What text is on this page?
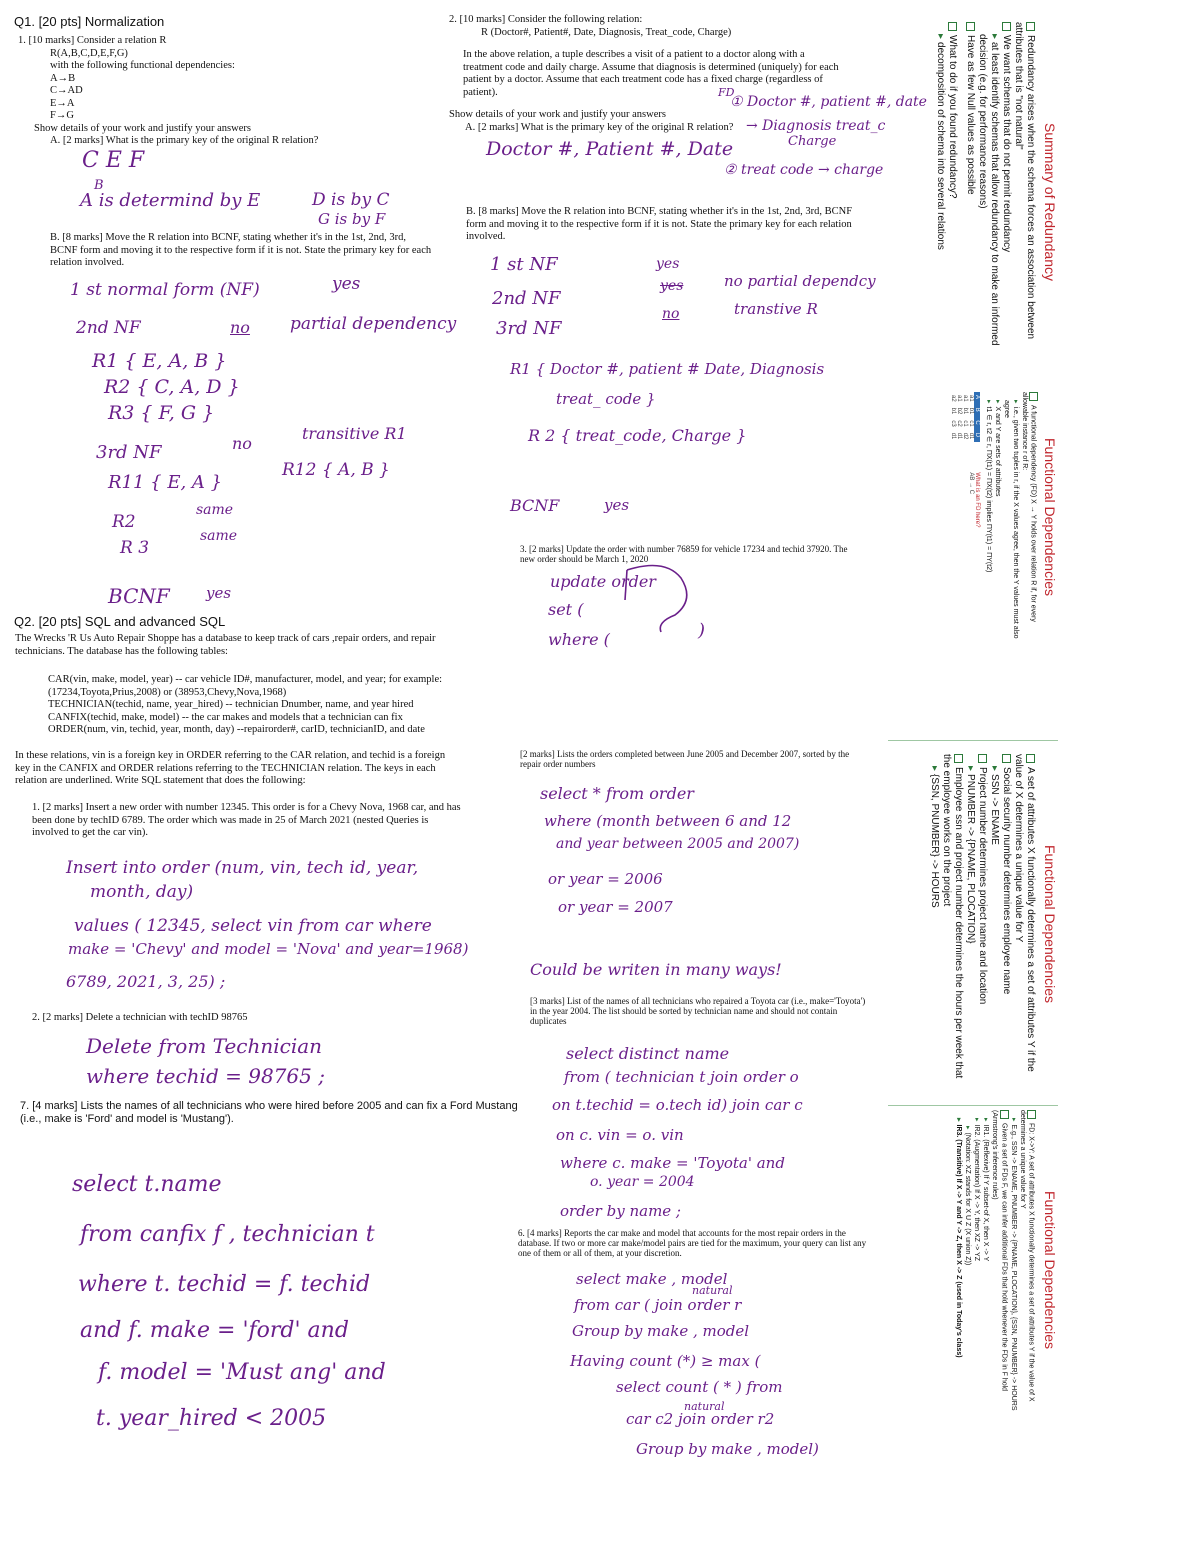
Q1. [20 pts] Normalization
1. [10 marks] Consider a relation R
R(A,B,C,D,E,F,G)
with the following functional dependencies:
A→B
C→AD
E→A
F→G
Show details of your work and justify your answers
A. [2 marks] What is the primary key of the original R relation?
C E F
B
A is determind by E	D is by C
G is by F
B. [8 marks] Move the R relation into BCNF, stating whether it's in the 1st, 2nd, 3rd, BCNF form and moving it to the respective form if it is not. State the primary key for each relation involved.
1 st normal form (NF)	yes
2nd NF	no partial dependency
R1 { E, A, B }
R2 { C, A, D }
R3 { F, G }
3rd NF	no
transitive R1
R11 { E, A }
R12 { A, B }
R2
same
R 3
same
BCNF yes
2. [10 marks] Consider the following relation:
R (Doctor#, Patient#, Date, Diagnosis, Treat_code, Charge)
In the above relation, a tuple describes a visit of a patient to a doctor along with a treatment code and daily charge. Assume that diagnosis is determined (uniquely) for each patient by a doctor. Assume that each treatment code has a fixed charge (regardless of patient).
Show details of your work and justify your answers
A. [2 marks] What is the primary key of the original R relation?
FD
① Doctor #, patient #, date
→ Diagnosis treat_c
Charge
② treat code → charge
Doctor #, Patient #, Date
B. [8 marks] Move the R relation into BCNF, stating whether it's in the 1st, 2nd, 3rd, BCNF form and moving it to the respective form if it is not. State the primary key for each relation involved.
1 st NF	yes
2nd NF
yes	no partial dependcy
3rd NF
no	transtive R
R1 { Doctor #, patient # Date, Diagnosis
treat_ code }
R 2 { treat_code, Charge }
BCNF	yes
Q2. [20 pts] SQL and advanced SQL
The Wrecks 'R Us Auto Repair Shoppe has a database to keep track of cars ,repair orders, and repair technicians. The database has the following tables:
CAR(vin, make, model, year) -- car vehicle ID#, manufacturer, model, and year; for example: (17234,Toyota,Prius,2008) or (38953,Chevy,Nova,1968)
TECHNICIAN(techid, name, year_hired) -- technician Dnumber, name, and year hired
CANFIX(techid, make, model) -- the car makes and models that a technician can fix
ORDER(num, vin, techid, year, month, day) --repairorder#, carID, technicianID, and date
In these relations, vin is a foreign key in ORDER referring to the CAR relation, and techid is a foreign key in the CANFIX and ORDER relations referring to the TECHNICIAN relation. The keys in each relation are underlined. Write SQL statement that does the following:
1. [2 marks] Insert a new order with number 12345. This order is for a Chevy Nova, 1968 car, and has been done by techID 6789. The order which was made in 25 of March 2021 (nested Queries is involved to get the car vin).
Insert into order (num, vin, tech id, year,
month, day)
values ( 12345, select vin from car where
make = 'Chevy' and model = 'Nova' and year=1968)
6789, 2021, 3, 25) ;
2. [2 marks] Delete a technician with techID 98765
Delete from Technician
where techid = 98765 ;
7. [4 marks] Lists the names of all technicians who were hired before 2005 and can fix a Ford Mustang (i.e., make is 'Ford' and model is 'Mustang').
select t.name
from canfix f , technician t
where t. techid = f. techid
and f. make = 'ford' and
f. model = 'Must ang' and
t. year_hired < 2005
3. [2 marks] Update the order with number 76859 for vehicle 17234 and techid 37920. The new order should be March 1, 2020
update order
set (
where (	)
[2 marks] Lists the orders completed between June 2005 and December 2007, sorted by the repair order numbers
select * from order
where (month between 6 and 12
and year between 2005 and 2007)
or year = 2006
or year = 2007
Could be writen in many ways!
[3 marks] List of the names of all technicians who repaired a Toyota car (i.e., make='Toyota') in the year 2004. The list should be sorted by technician name and should not contain duplicates
select distinct name
from ( technician t join order o
on t.techid = o.tech id) join car c
on c. vin = o. vin
where c. make = 'Toyota' and
o. year = 2004
order by name ;
6. [4 marks] Reports the car make and model that accounts for the most repair orders in the database. If two or more car make/model pairs are tied for the maximum, your query can list any one of them or all of them, at your discretion.
select make , model
natural
from car ( join order r
Group by make , model
Having count (*) ≥ max (
select count ( * ) from
natural
car c2 join order r2
Group by make , model)
Summary of Redundancy
Redundancy arises when the schema forces an association between attributes that is "not natural"
We want schemas that do not permit redundancy
▸at least identify schemas that allow redundancy to make an informed decision (e.g. for performance reasons)
Have as few Null values as possible
What to do if you found redundancy?
▸decomposition of schema into several relations
Functional Dependencies
A functional dependency (FD) X → Y holds over relation R if, for every allowable instance r of R:
▸i.e., given two tuples in r, if the X values agree, then the Y values must also agree
▸X and Y are sets of attributes
▸t1 ∈ r, t2 ∈ r, ΠX(t1) = ΠX(t2) implies ΠY(t1) = ΠY(t2)
A	B	C	D
a1	b1	c1	d1
a1	b1	c1	d2
a1	b2	c2	d1
a2	b1	c3	d1
What is an FD here?
AB → C
Functional Dependencies
A set of attributes X functionally determines a set of attributes Y if the value of X determines a unique value for Y
Social security number determines employee name
▸SSN -> ENAME
Project number determines project name and location
▸PNUMBER -> {PNAME, PLOCATION}
Employee ssn and project number determines the hours per week that the employee works on the project
▸{SSN, PNUMBER} -> HOURS
Functional Dependencies
FD: X->Y: A set of attributes X functionally determines a set of attributes Y if the value of X determines a unique value for Y
▸E.g., SSN -> ENAME, PNUMBER -> {PNAME, PLOCATION}, {SSN, PNUMBER} -> HOURS
Given a set of FDs F, we can infer additional FDs that hold whenever the FDs in F hold (Armstrong's inference rules)
▸IR1. (Reflexive) If Y subset-of X, then X -> Y
▸IR2. (Augmentation) If X -> Y, then XZ -> YZ
▸(Notation: XZ stands for X U Z (X union Z))
▸IR3. (Transitive) If X -> Y and Y -> Z, then X -> Z (used in Today's class)
